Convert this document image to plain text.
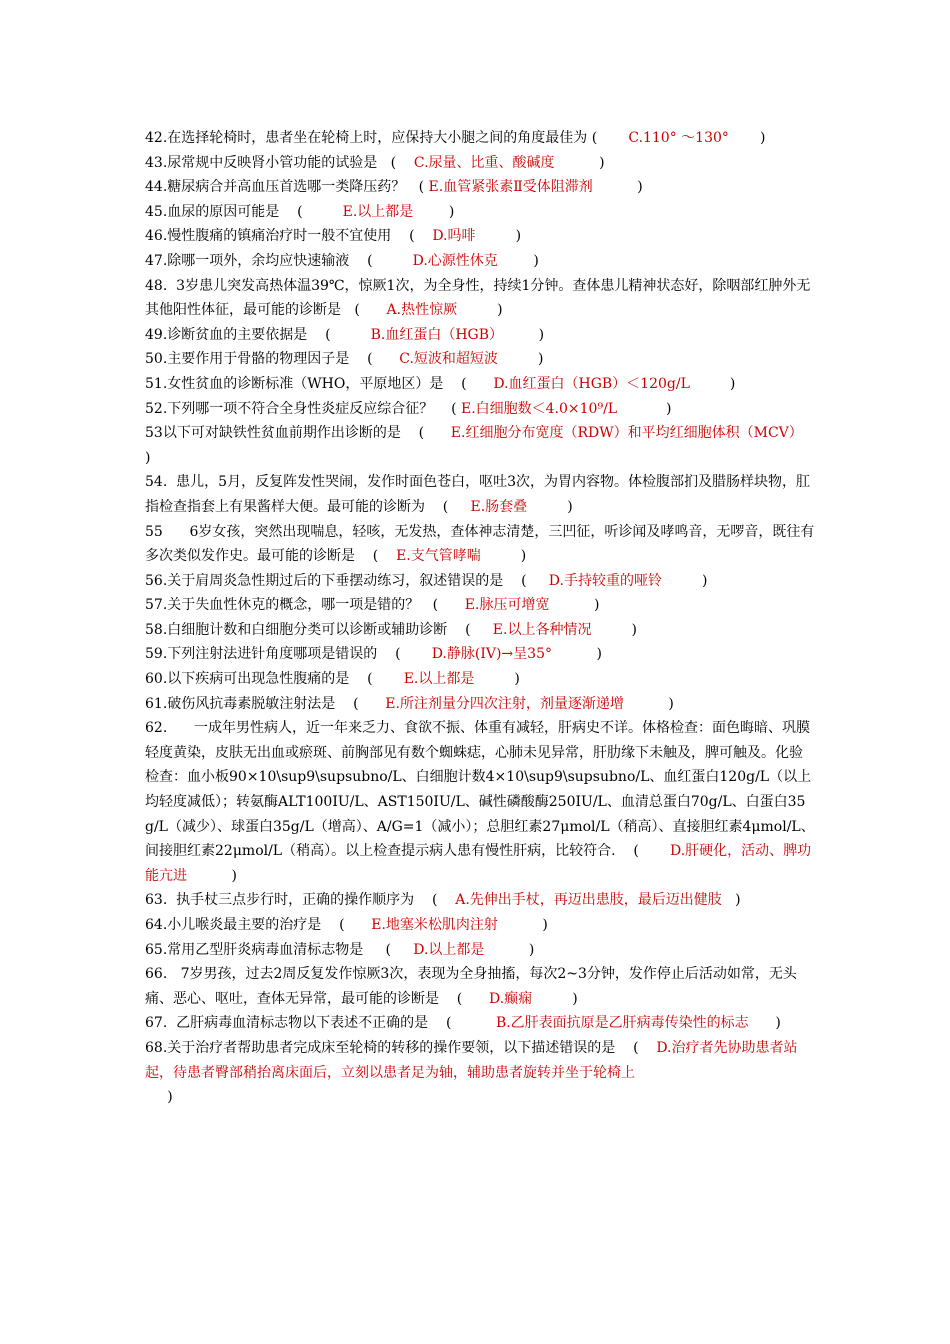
42.在选择轮椅时，患者坐在轮椅上时，应保持大小腿之间的角度最佳为 (       C.110° ～130°       )

43.尿常规中反映肾小管功能的试验是   (    C.尿量、比重、酸碱度          )

44.糖尿病合并高血压首选哪一类降压药？   ( E.血管紧张素Ⅱ受体阻滞剂          )

45.血尿的原因可能是    (         E.以上都是        )

46.慢性腹痛的镇痛治疗时一般不宜使用    (    D.吗啡         )

47.除哪一项外，余均应快速输液    (         D.心源性休克        )

48.  3岁患儿突发高热体温39℃，惊厥1次，为全身性，持续1分钟。查体患儿精神状态好，除咽部红肿外无其他阳性体征，最可能的诊断是   (      A.热性惊厥         )

49.诊断贫血的主要依据是    (         B.血红蛋白（HGB）        )

50.主要作用于骨骼的物理因子是    (      C.短波和超短波         )

51.女性贫血的诊断标准（WHO，平原地区）是    (      D.血红蛋白（HGB）＜120g/L         )

52.下列哪一项不符合全身性炎症反应综合征？    ( E.白细胞数＜4.0×10⁹/L           )

53以下可对缺铁性贫血前期作出诊断的是    (      E.红细胞分布宽度（RDW）和平均红细胞体积（MCV）           )

54.  患儿，5月，反复阵发性哭闹，发作时面色苍白，呕吐3次，为胃内容物。体检腹部扪及腊肠样块物，肛指检查指套上有果酱样大便。最可能的诊断为    (     E.肠套叠         )

55      6岁女孩，突然出现喘息，轻咳，无发热，查体神志清楚，三凹征，听诊闻及哮鸣音，无啰音，既往有多次类似发作史。最可能的诊断是    (    E.支气管哮喘         )

56.关于肩周炎急性期过后的下垂摆动练习，叙述错误的是    (     D.手持较重的哑铃         )

57.关于失血性休克的概念，哪一项是错的？   (      E.脉压可增宽          )

58.白细胞计数和白细胞分类可以诊断或辅助诊断    (     E.以上各种情况         )

59.下列注射法进针角度哪项是错误的    (       D.静脉(IV)→呈35°          )

60.以下疾病可出现急性腹痛的是    (       E.以上都是         )

61.破伤风抗毒素脱敏注射法是    (      E.所注剂量分四次注射，剂量逐渐递增          )

62.      一成年男性病人，近一年来乏力、食欲不振、体重有减轻，肝病史不详。体格检查：面色晦暗、巩膜轻度黄染，皮肤无出血或瘀斑、前胸部见有数个蜘蛛痣，心肺未见异常，肝肋缘下未触及，脾可触及。化验检查：血小板90×10\sup9\supsubno/L、白细胞计数4×10\sup9\supsubno/L、血红蛋白120g/L（以上均轻度减低）；转氨酶ALT100IU/L、AST150IU/L、碱性磷酸酶250IU/L、血清总蛋白70g/L、白蛋白35g/L（减少）、球蛋白35g/L（增高）、A/G=1（减小）；总胆红素27μmol/L（稍高）、直接胆红素4μmol/L、间接胆红素22μmol/L（稍高）。以上检查提示病人患有慢性肝病，比较符合.    (       D.肝硬化，活动、脾功能亢进          )

63.  执手杖三点步行时，正确的操作顺序为    (    A.先伸出手杖，再迈出患肢，最后迈出健肢   )

64.小儿喉炎最主要的治疗是    (      E.地塞米松肌肉注射          )

65.常用乙型肝炎病毒血清标志物是     (     D.以上都是          )

66.   7岁男孩，过去2周反复发作惊厥3次，表现为全身抽搐，每次2~3分钟，发作停止后活动如常，无头痛、恶心、呕吐，查体无异常，最可能的诊断是    (      D.癫痫         )

67.  乙肝病毒血清标志物以下表述不正确的是    (          B.乙肝表面抗原是乙肝病毒传染性的标志      )

68.关于治疗者帮助患者完成床至轮椅的转移的操作要领，以下描述错误的是    (    D.治疗者先协助患者站起，待患者臀部稍抬离床面后，立刻以患者足为轴，辅助患者旋转并坐于轮椅上
)
